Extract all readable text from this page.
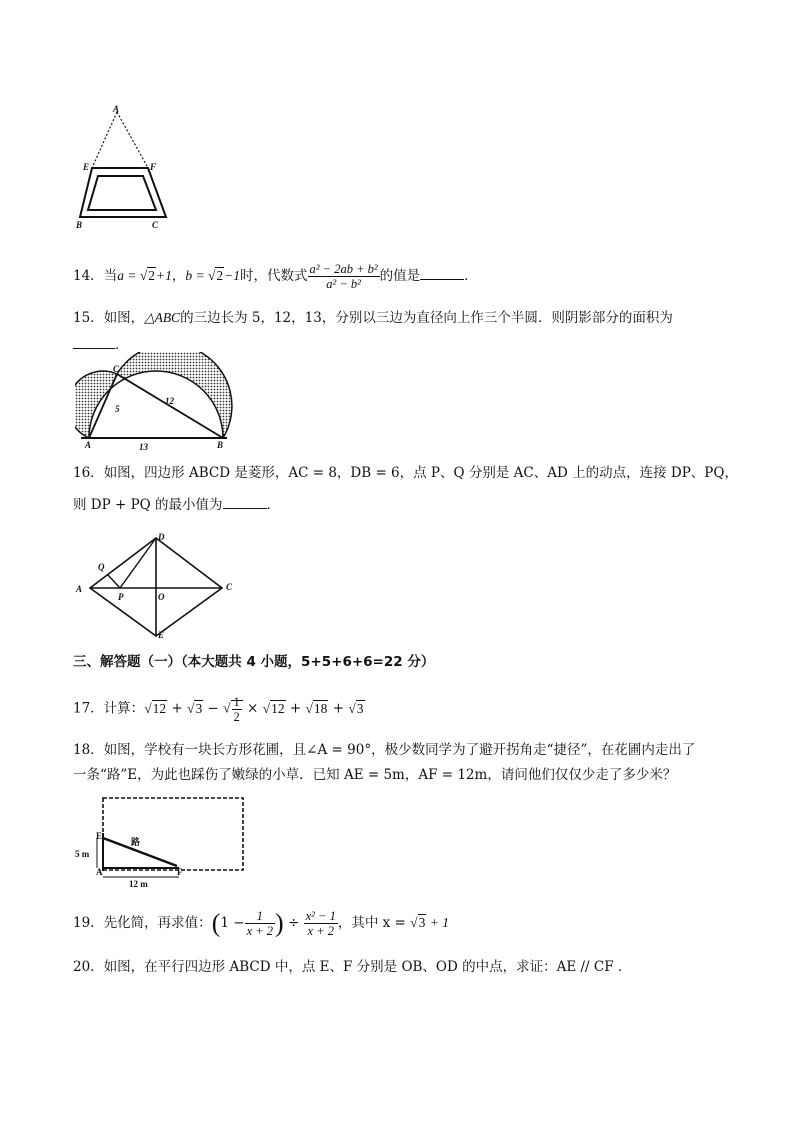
A
E	F
B	C
14．当a = √2+1，b = √2−1时，代数式 $\frac{\text{a² − 2ab + b²}}{\text{a² − b²}}$ 的值是	．
15．如图，△ABC的三边长为 5，12，13，分别以三边为直径向上作三个半圆．则阴影部分的面积为
．
C
A	B
5
12
13
16．如图，四边形 ABCD 是菱形，AC = 8，DB = 6，点 P、Q 分别是 AC、AD 上的动点，连接 DP、PQ，
则 DP + PQ 的最小值为	．
A	C
D
E
Q
P	O
三、解答题（一）（本大题共 4 小题，5+5+6+6=22 分）
17．计算：√12 + √3 − √ $\frac{1}{2} \times √12 + √18 + √3$
18．如图，学校有一块长方形花圃，且∠A = 90°，极少数同学为了避开拐角走“捷径”，在花圃内走出了
一条“路”E，为此也踩伤了嫩绿的小草．已知 AE = 5m，AF = 12m，请问他们仅仅少走了多少米？
E
A	F
路
5 m
12 m
19．先化简，再求值：($1 - \frac{1}{x + 2}$ ) ÷ $\frac{\text{x² − 1}}{x + 2}$ ，其中 x = √3 + 1
20．如图，在平行四边形 ABCD 中，点 E、F 分别是 OB、OD 的中点，求证：AE // CF ．
